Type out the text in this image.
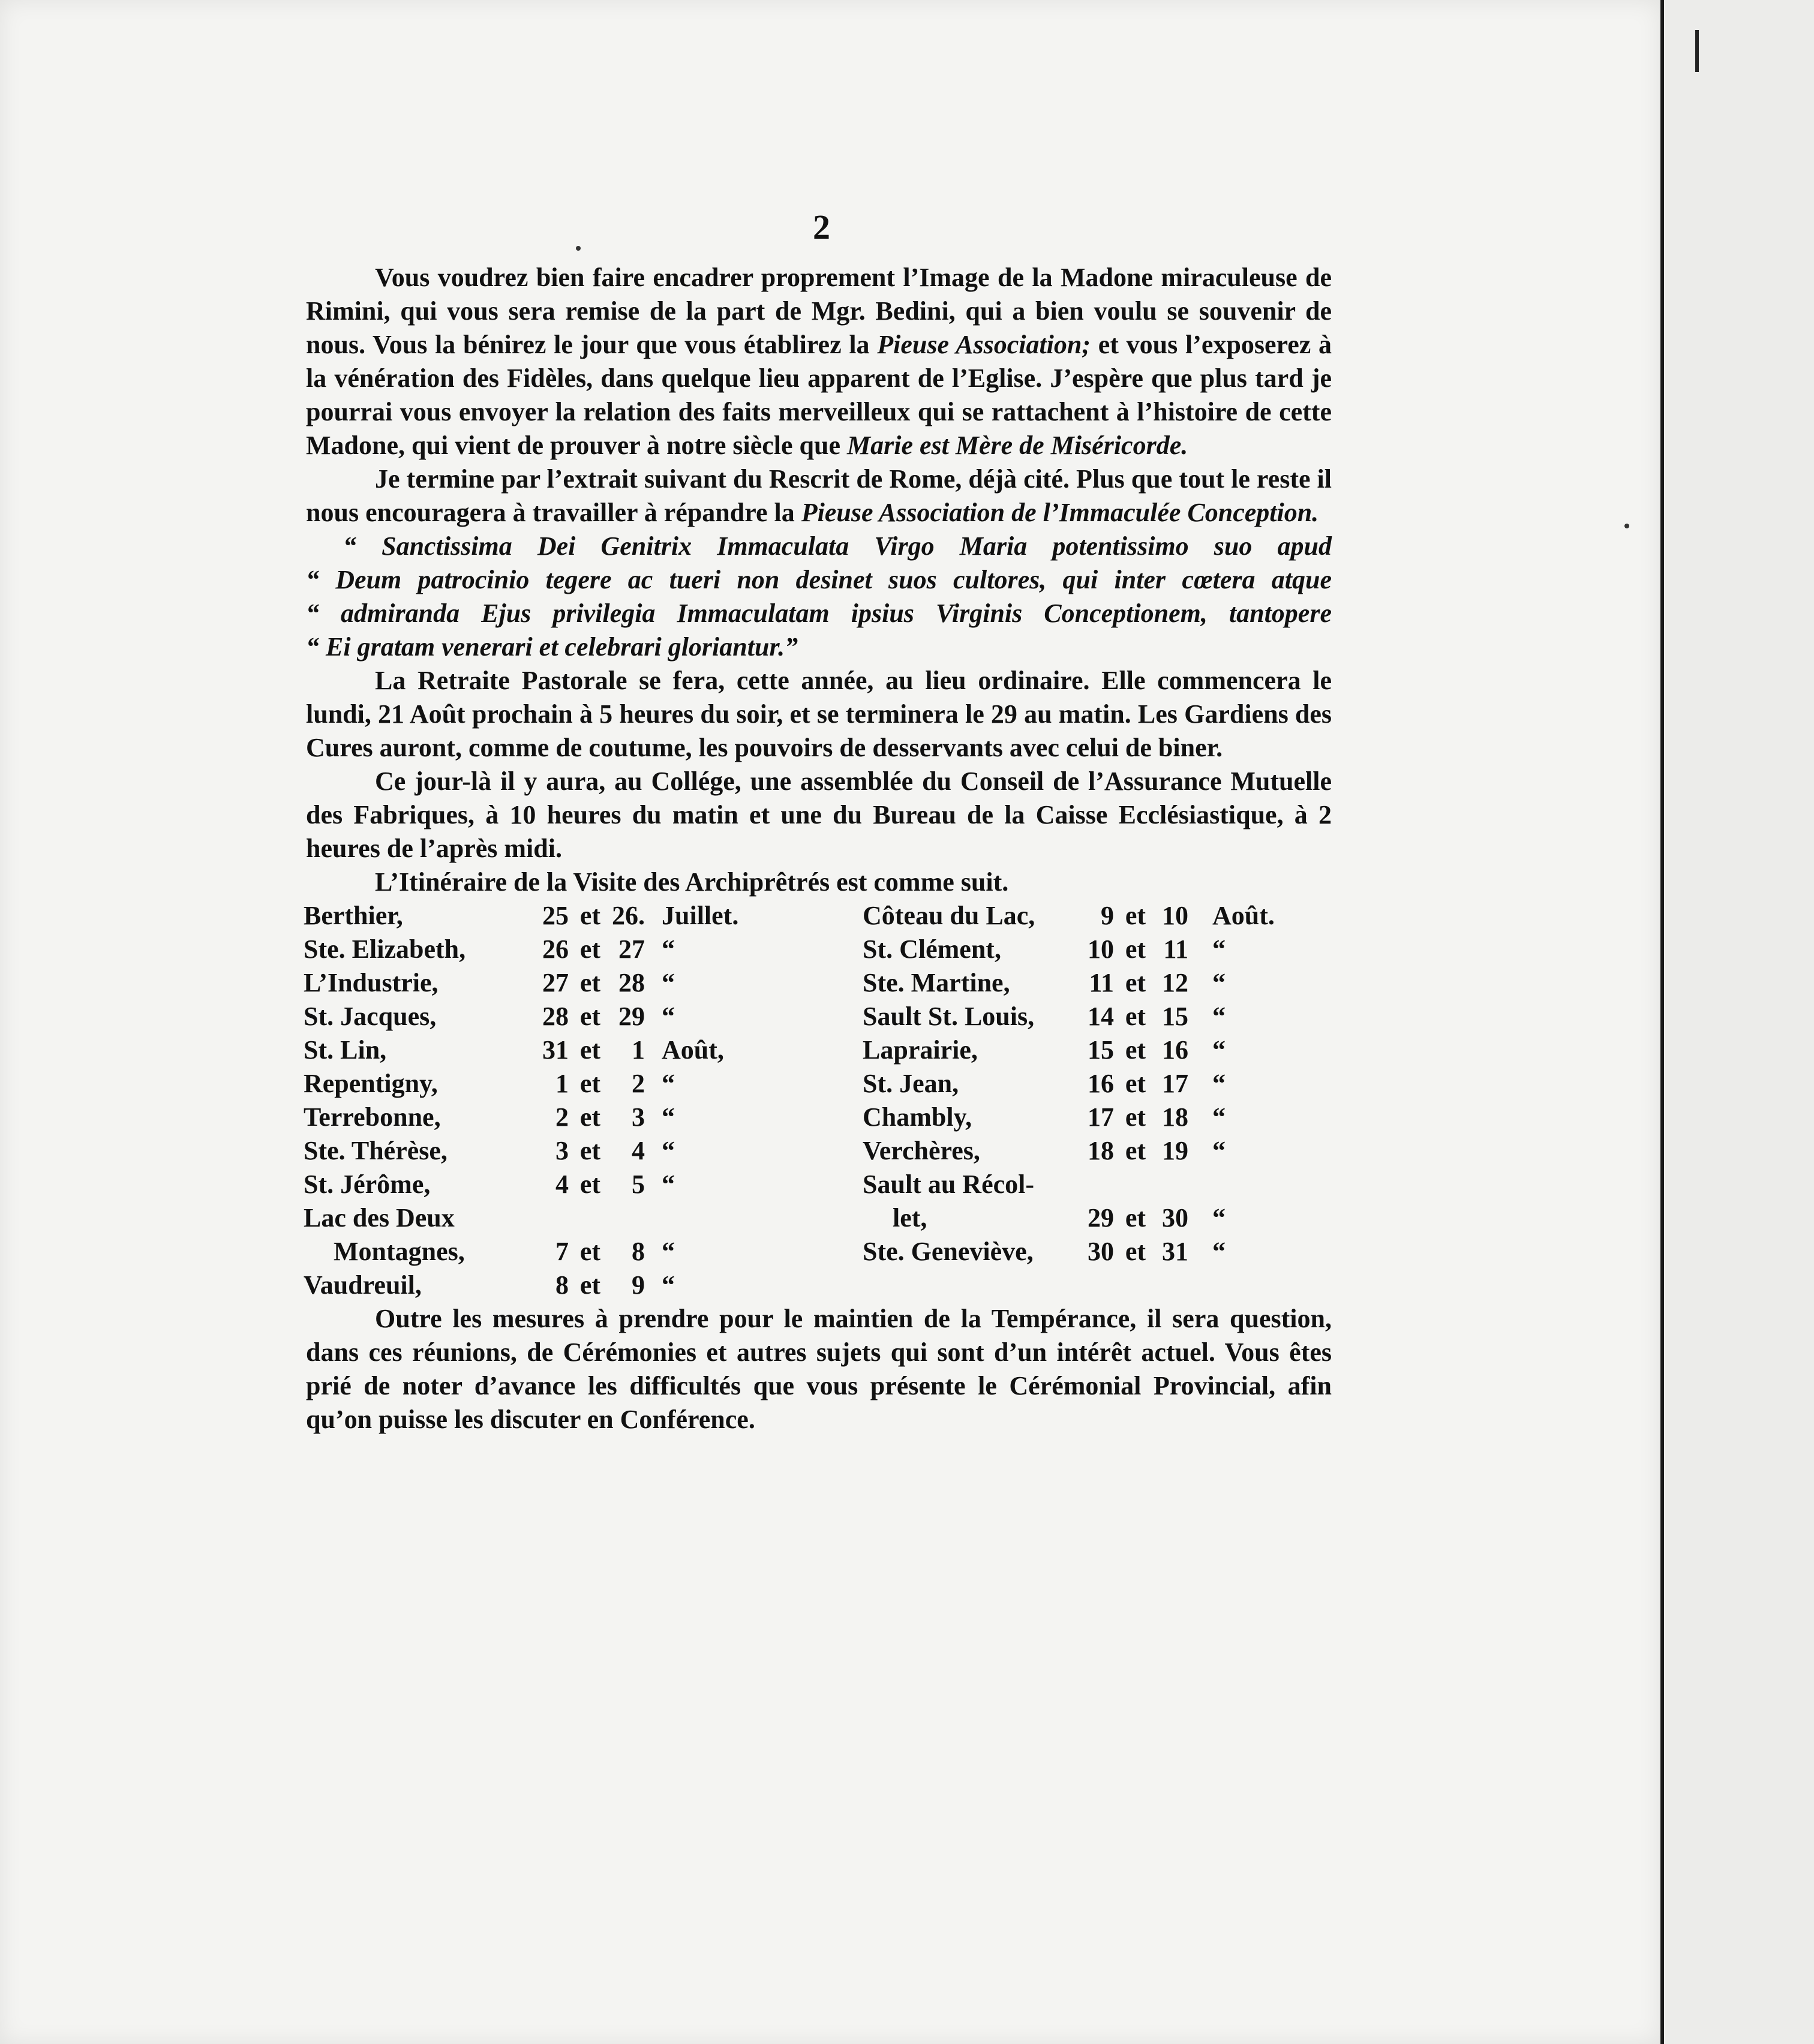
2

Vous voudrez bien faire encadrer proprement l’Image de la Madone miraculeuse de Rimini, qui vous sera remise de la part de Mgr. Bedini, qui a bien voulu se souvenir de nous. Vous la bénirez le jour que vous établirez la Pieuse Association; et vous l’exposerez à la vénération des Fidèles, dans quelque lieu apparent de l’Eglise. J’espère que plus tard je pourrai vous envoyer la relation des faits merveilleux qui se rattachent à l’histoire de cette Madone, qui vient de prouver à notre siècle que Marie est Mère de Miséricorde.

Je termine par l’extrait suivant du Rescrit de Rome, déjà cité. Plus que tout le reste il nous encouragera à travailler à répandre la Pieuse Association de l’Immaculée Conception.

“ Sanctissima Dei Genitrix Immaculata Virgo Maria potentissimo suo apud
“ Deum patrocinio tegere ac tueri non desinet suos cultores, qui inter cœtera atque
“ admiranda Ejus privilegia Immaculatam ipsius Virginis Conceptionem, tantopere
“ Ei gratam venerari et celebrari gloriantur.”

La Retraite Pastorale se fera, cette année, au lieu ordinaire. Elle commencera le lundi, 21 Août prochain à 5 heures du soir, et se terminera le 29 au matin. Les Gardiens des Cures auront, comme de coutume, les pouvoirs de desservants avec celui de biner.

Ce jour-là il y aura, au Collége, une assemblée du Conseil de l’Assurance Mutuelle des Fabriques, à 10 heures du matin et une du Bureau de la Caisse Ecclésiastique, à 2 heures de l’après midi.

L’Itinéraire de la Visite des Archiprêtrés est comme suit.

Berthier,	25	et	26.	Juillet.	Côteau du Lac,	9	et	10	Août.
Ste. Elizabeth,	26	et	27	“	St. Clément,	10	et	11	“
L’Industrie,	27	et	28	“	Ste. Martine,	11	et	12	“
St. Jacques,	28	et	29	“	Sault St. Louis,	14	et	15	“
St. Lin,	31	et	1	Août,	Laprairie,	15	et	16	“
Repentigny,	1	et	2	“	St. Jean,	16	et	17	“
Terrebonne,	2	et	3	“	Chambly,	17	et	18	“
Ste. Thérèse,	3	et	4	“	Verchères,	18	et	19	“
St. Jérôme,	4	et	5	“	Sault au Récol-				
Lac des Deux					let,	29	et	30	“
Montagnes,	7	et	8	“	Ste. Geneviève,	30	et	31	“
Vaudreuil,	8	et	9	“					

Outre les mesures à prendre pour le maintien de la Tempérance, il sera question, dans ces réunions, de Cérémonies et autres sujets qui sont d’un intérêt actuel. Vous êtes prié de noter d’avance les difficultés que vous présente le Cérémonial Provincial, afin qu’on puisse les discuter en Conférence.
